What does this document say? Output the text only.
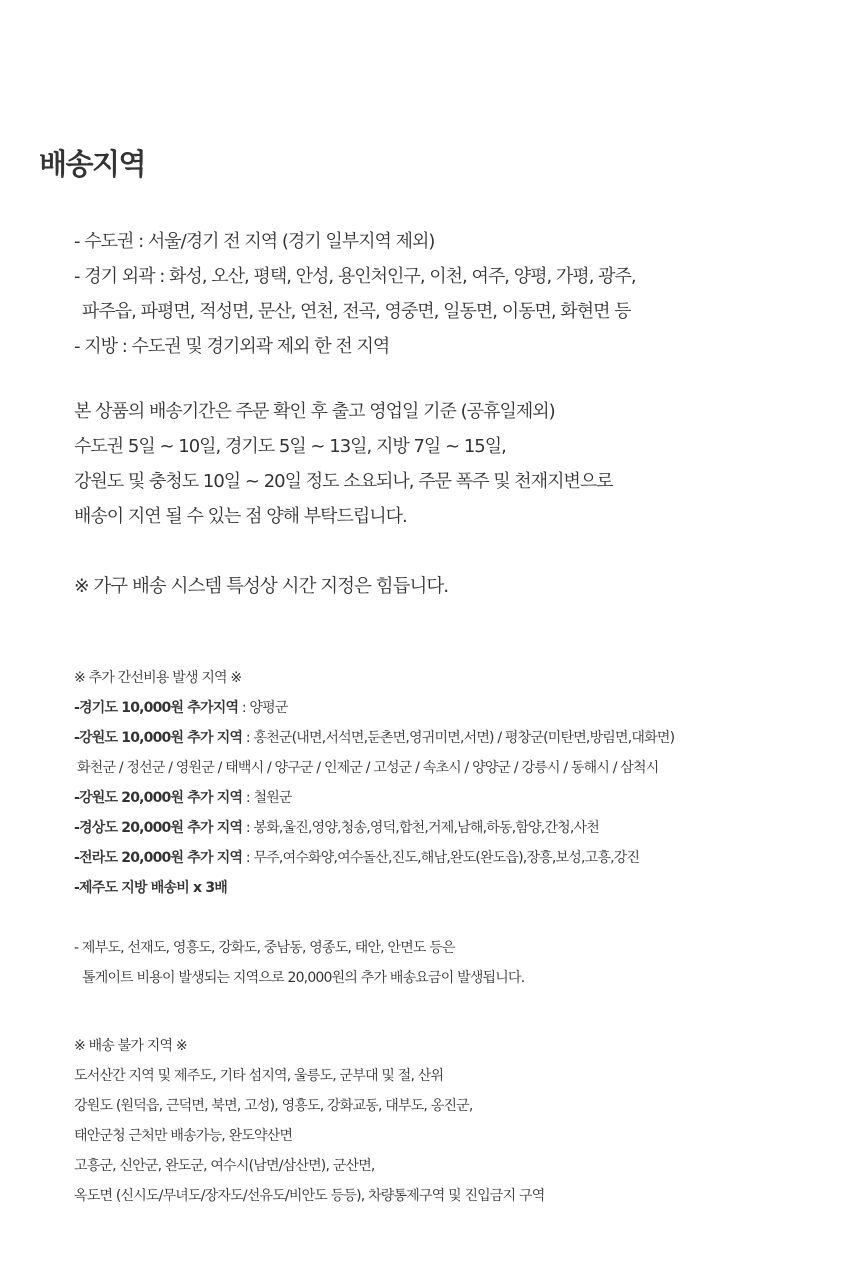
배송지역
- 수도권 : 서울/경기 전 지역 (경기 일부지역 제외)
- 경기 외곽 : 화성, 오산, 평택, 안성, 용인처인구, 이천, 여주, 양평, 가평, 광주,
파주읍, 파평면, 적성면, 문산, 연천, 전곡, 영중면, 일동면, 이동면, 화현면 등
- 지방 : 수도권 및 경기외곽 제외 한 전 지역
본 상품의 배송기간은 주문 확인 후 출고 영업일 기준 (공휴일제외)
수도권 5일 ~ 10일, 경기도 5일 ~ 13일, 지방 7일 ~ 15일,
강원도 및 충청도 10일 ~ 20일 정도 소요되나, 주문 폭주 및 천재지변으로
배송이 지연 될 수 있는 점 양해 부탁드립니다.
※ 가구 배송 시스템 특성상 시간 지정은 힘듭니다.
※ 추가 간선비용 발생 지역 ※
-경기도 10,000원 추가지역 : 양평군
-강원도 10,000원 추가 지역 : 홍천군(내면,서석면,둔촌면,영귀미면,서면) / 평창군(미탄면,방림면,대화면)
화천군 / 정선군 / 영원군 / 태백시 / 양구군 / 인제군 / 고성군 / 속초시 / 양양군 / 강릉시 / 동해시 / 삼척시
-강원도 20,000원 추가 지역 : 철원군
-경상도 20,000원 추가 지역 : 봉화,울진,영양,청송,영덕,합천,거제,남해,하동,함양,간청,사천
-전라도 20,000원 추가 지역 : 무주,여수화양,여수돌산,진도,해남,완도(완도읍),장흥,보성,고흥,강진
-제주도 지방 배송비 x 3배
- 제부도, 선재도, 영흥도, 강화도, 중남동, 영종도, 태안, 안면도 등은
톨게이트 비용이 발생되는 지역으로 20,000원의 추가 배송요금이 발생됩니다.
※ 배송 불가 지역 ※
도서산간 지역 및 제주도, 기타 섬지역, 울릉도, 군부대 및 절, 산위
강원도 (원덕읍, 근덕면, 북면, 고성), 영흥도, 강화교동, 대부도, 옹진군,
태안군청 근처만 배송가능, 완도약산면
고흥군, 신안군, 완도군, 여수시(남면/삼산면), 군산면,
옥도면 (신시도/무녀도/장자도/선유도/비안도 등등), 차량통제구역 및 진입금지 구역
